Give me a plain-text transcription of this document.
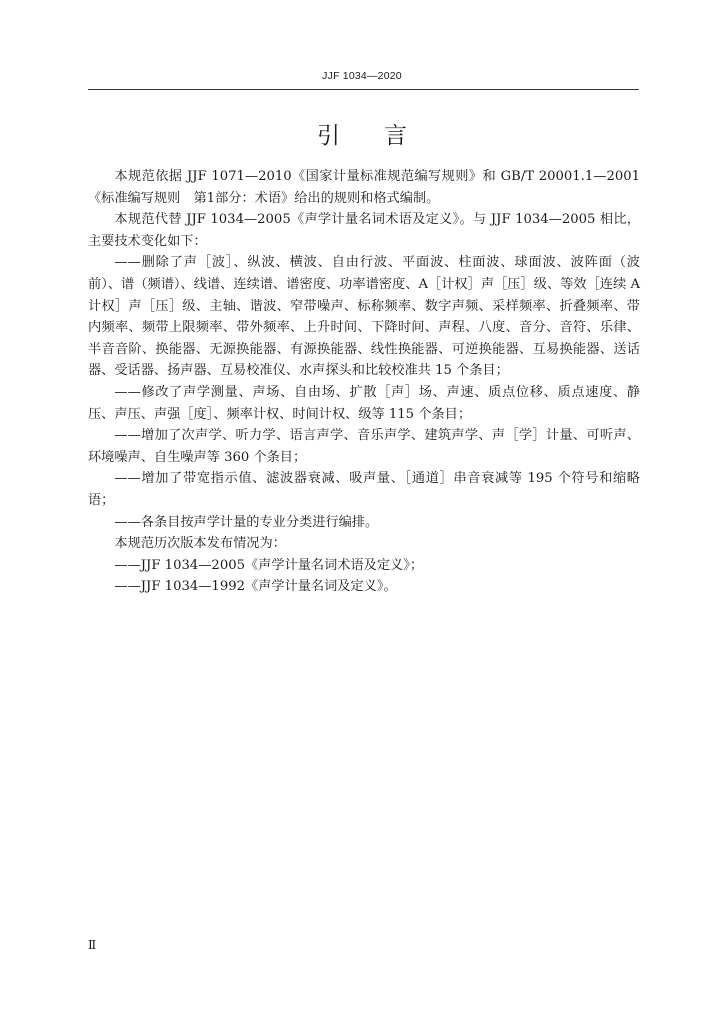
JJF 1034—2020
引言

本规范依据 JJF 1071—2010《国家计量标准规范编写规则》和 GB/T 20001.1—2001《标准编写规则　第1部分：术语》给出的规则和格式编制。

本规范代替 JJF 1034—2005《声学计量名词术语及定义》。与 JJF 1034—2005 相比，主要技术变化如下：

——删除了声［波］、纵波、横波、自由行波、平面波、柱面波、球面波、波阵面（波前）、谱（频谱）、线谱、连续谱、谱密度、功率谱密度、A［计权］声［压］级、等效［连续 A 计权］声［压］级、主轴、谐波、窄带噪声、标称频率、数字声频、采样频率、折叠频率、带内频率、频带上限频率、带外频率、上升时间、下降时间、声程、八度、音分、音符、乐律、半音音阶、换能器、无源换能器、有源换能器、线性换能器、可逆换能器、互易换能器、送话器、受话器、扬声器、互易校准仪、水声探头和比较校准共 15 个条目；

——修改了声学测量、声场、自由场、扩散［声］场、声速、质点位移、质点速度、静压、声压、声强［度］、频率计权、时间计权、级等 115 个条目；

——增加了次声学、听力学、语言声学、音乐声学、建筑声学、声［学］计量、可听声、环境噪声、自生噪声等 360 个条目；

——增加了带宽指示值、滤波器衰减、吸声量、［通道］串音衰减等 195 个符号和缩略语；

——各条目按声学计量的专业分类进行编排。

本规范历次版本发布情况为：

——JJF 1034—2005《声学计量名词术语及定义》；

——JJF 1034—1992《声学计量名词及定义》。

Ⅱ
